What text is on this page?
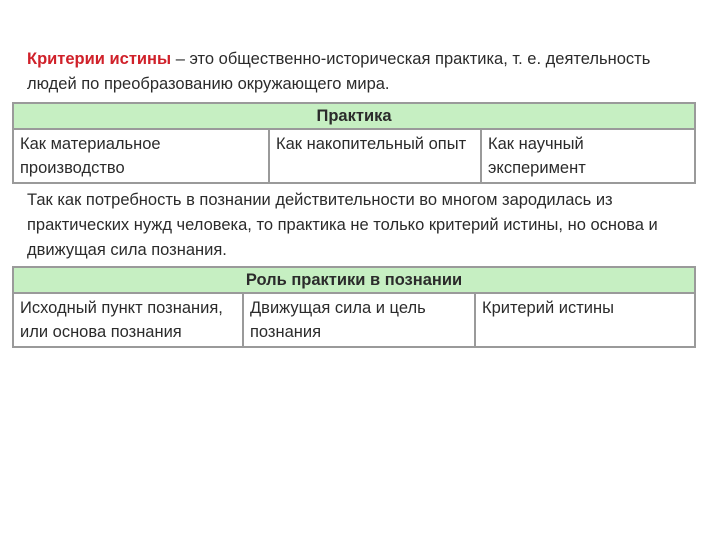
Критерии истины – это общественно-историческая практика, т. е. деятельность людей по преобразованию окружающего мира.

Практика
Как материальное производство	Как накопительный опыт	Как научный эксперимент

Так как потребность в познании действительности во многом зародилась из практических нужд человека, то практика не только критерий истины, но основа и движущая сила познания.

Роль практики в познании
Исходный пункт познания, или основа познания	Движущая сила и цель познания	Критерий истины
